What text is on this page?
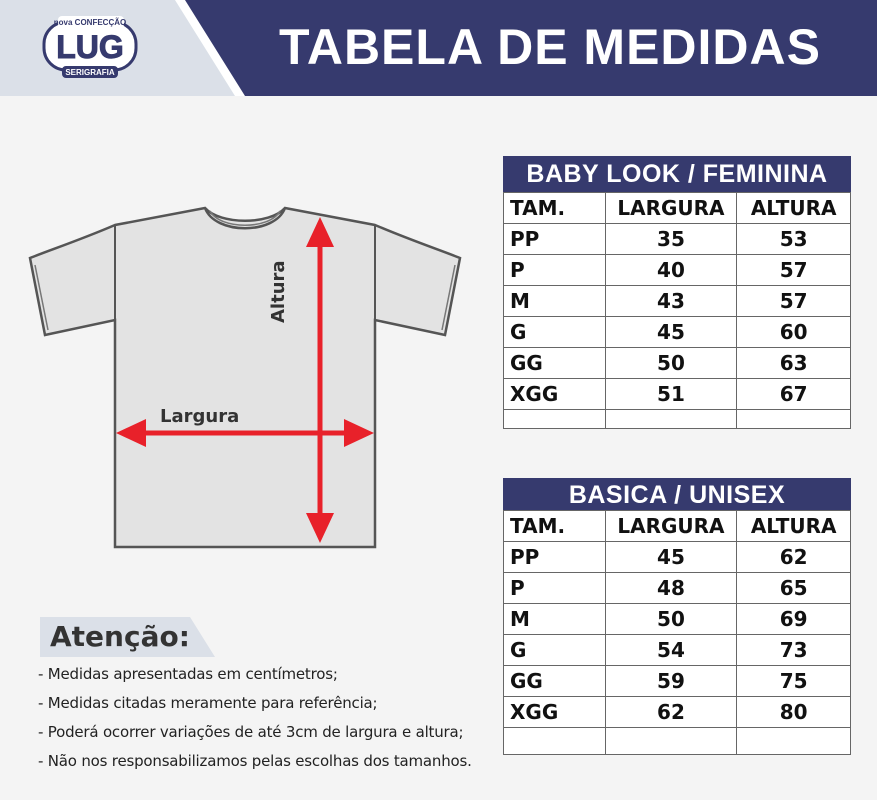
nova CONFECÇÃO
LUG
SERIGRAFIA	TABELA DE MEDIDAS
Largura
Altura
BABY LOOK / FEMININA
TAM.	LARGURA	ALTURA
PP	35	53
P	40	57
M	43	57
G	45	60
GG	50	63
XGG	51	67

BASICA / UNISEX
TAM.	LARGURA	ALTURA
PP	45	62
P	48	65
M	50	69
G	54	73
GG	59	75
XGG	62	80

Atenção:
- Medidas apresentadas em centímetros;
- Medidas citadas meramente para referência;
- Poderá ocorrer variações de até 3cm de largura e altura;
- Não nos responsabilizamos pelas escolhas dos tamanhos.
